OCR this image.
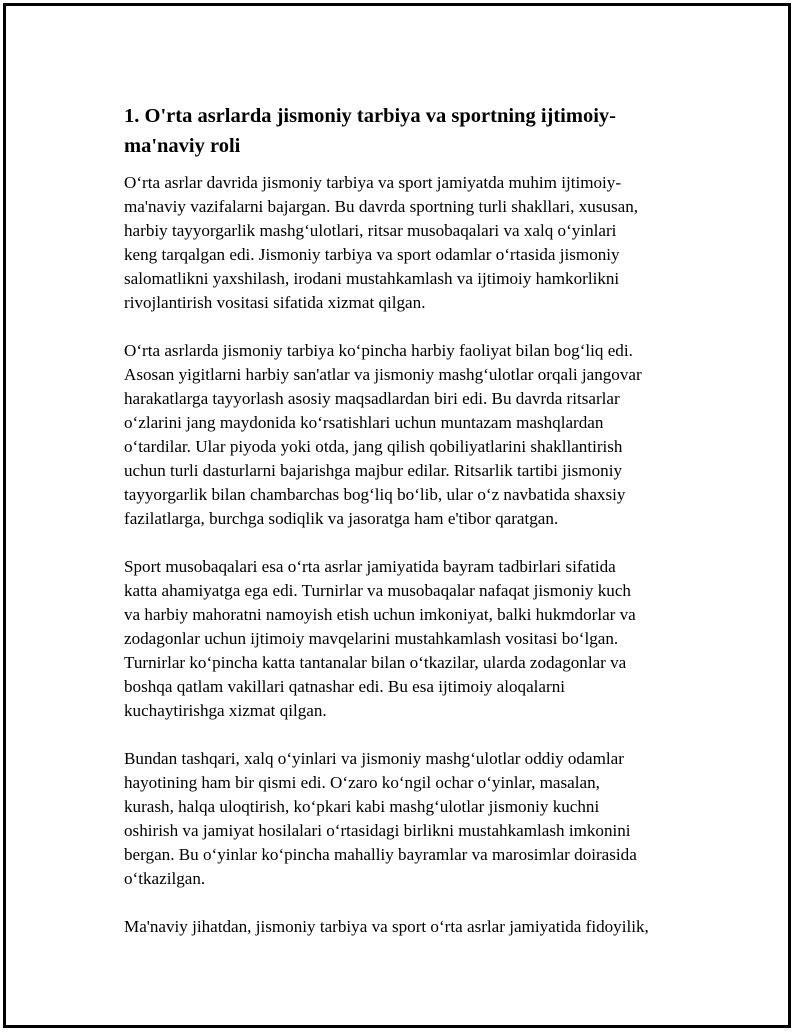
1. O'rta asrlarda jismoniy tarbiya va sportning ijtimoiy-
ma'naviy roli

O‘rta asrlar davrida jismoniy tarbiya va sport jamiyatda muhim ijtimoiy-
ma'naviy vazifalarni bajargan. Bu davrda sportning turli shakllari, xususan,
harbiy tayyorgarlik mashg‘ulotlari, ritsar musobaqalari va xalq o‘yinlari
keng tarqalgan edi. Jismoniy tarbiya va sport odamlar o‘rtasida jismoniy
salomatlikni yaxshilash, irodani mustahkamlash va ijtimoiy hamkorlikni
rivojlantirish vositasi sifatida xizmat qilgan.

O‘rta asrlarda jismoniy tarbiya ko‘pincha harbiy faoliyat bilan bog‘liq edi.
Asosan yigitlarni harbiy san'atlar va jismoniy mashg‘ulotlar orqali jangovar
harakatlarga tayyorlash asosiy maqsadlardan biri edi. Bu davrda ritsarlar
o‘zlarini jang maydonida ko‘rsatishlari uchun muntazam mashqlardan
o‘tardilar. Ular piyoda yoki otda, jang qilish qobiliyatlarini shakllantirish
uchun turli dasturlarni bajarishga majbur edilar. Ritsarlik tartibi jismoniy
tayyorgarlik bilan chambarchas bog‘liq bo‘lib, ular o‘z navbatida shaxsiy
fazilatlarga, burchga sodiqlik va jasoratga ham e'tibor qaratgan.

Sport musobaqalari esa o‘rta asrlar jamiyatida bayram tadbirlari sifatida
katta ahamiyatga ega edi. Turnirlar va musobaqalar nafaqat jismoniy kuch
va harbiy mahoratni namoyish etish uchun imkoniyat, balki hukmdorlar va
zodagonlar uchun ijtimoiy mavqelarini mustahkamlash vositasi bo‘lgan.
Turnirlar ko‘pincha katta tantanalar bilan o‘tkazilar, ularda zodagonlar va
boshqa qatlam vakillari qatnashar edi. Bu esa ijtimoiy aloqalarni
kuchaytirishga xizmat qilgan.

Bundan tashqari, xalq o‘yinlari va jismoniy mashg‘ulotlar oddiy odamlar
hayotining ham bir qismi edi. O‘zaro ko‘ngil ochar o‘yinlar, masalan,
kurash, halqa uloqtirish, ko‘pkari kabi mashg‘ulotlar jismoniy kuchni
oshirish va jamiyat hosilalari o‘rtasidagi birlikni mustahkamlash imkonini
bergan. Bu o‘yinlar ko‘pincha mahalliy bayramlar va marosimlar doirasida
o‘tkazilgan.

Ma'naviy jihatdan, jismoniy tarbiya va sport o‘rta asrlar jamiyatida fidoyilik,
